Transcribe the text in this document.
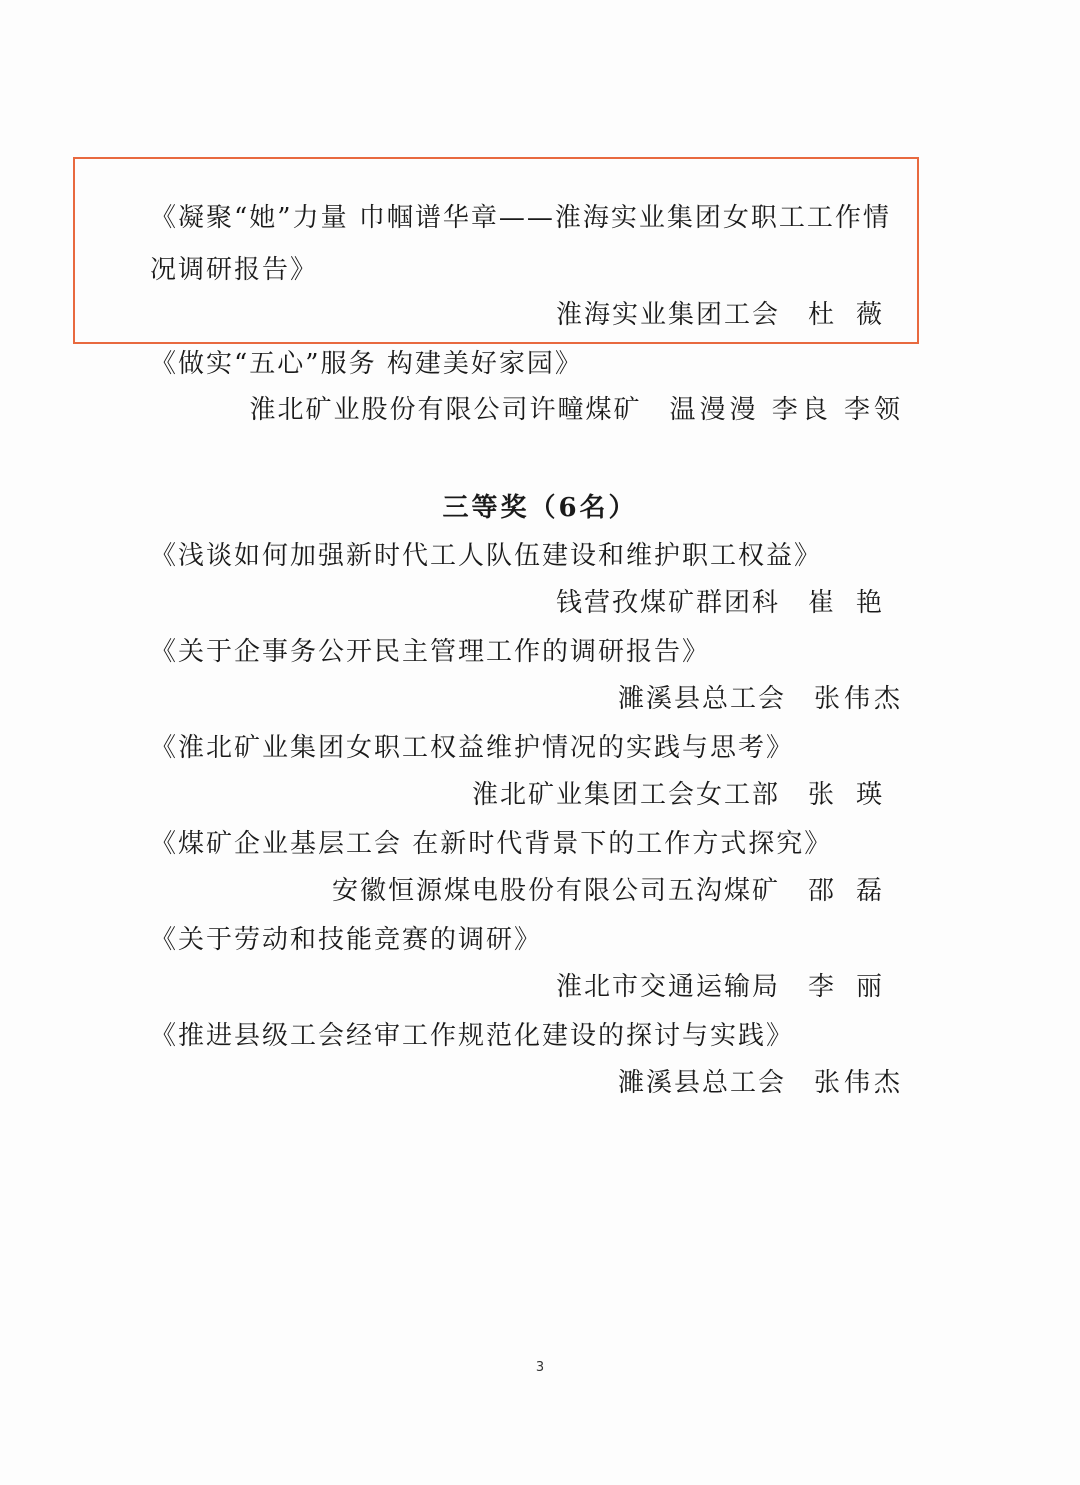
《凝聚“她”力量 巾帼谱华章——淮海实业集团女职工工作情
况调研报告》
淮海实业集团工会 杜薇
《做实“五心”服务 构建美好家园》
淮北矿业股份有限公司许疃煤矿 温漫漫 李良 李领
三等奖（6名）
《浅谈如何加强新时代工人队伍建设和维护职工权益》
钱营孜煤矿群团科 崔艳
《关于企事务公开民主管理工作的调研报告》
濉溪县总工会 张伟杰
《淮北矿业集团女职工权益维护情况的实践与思考》
淮北矿业集团工会女工部 张瑛
《煤矿企业基层工会 在新时代背景下的工作方式探究》
安徽恒源煤电股份有限公司五沟煤矿 邵磊
《关于劳动和技能竞赛的调研》
淮北市交通运输局 李丽
《推进县级工会经审工作规范化建设的探讨与实践》
濉溪县总工会 张伟杰
3
